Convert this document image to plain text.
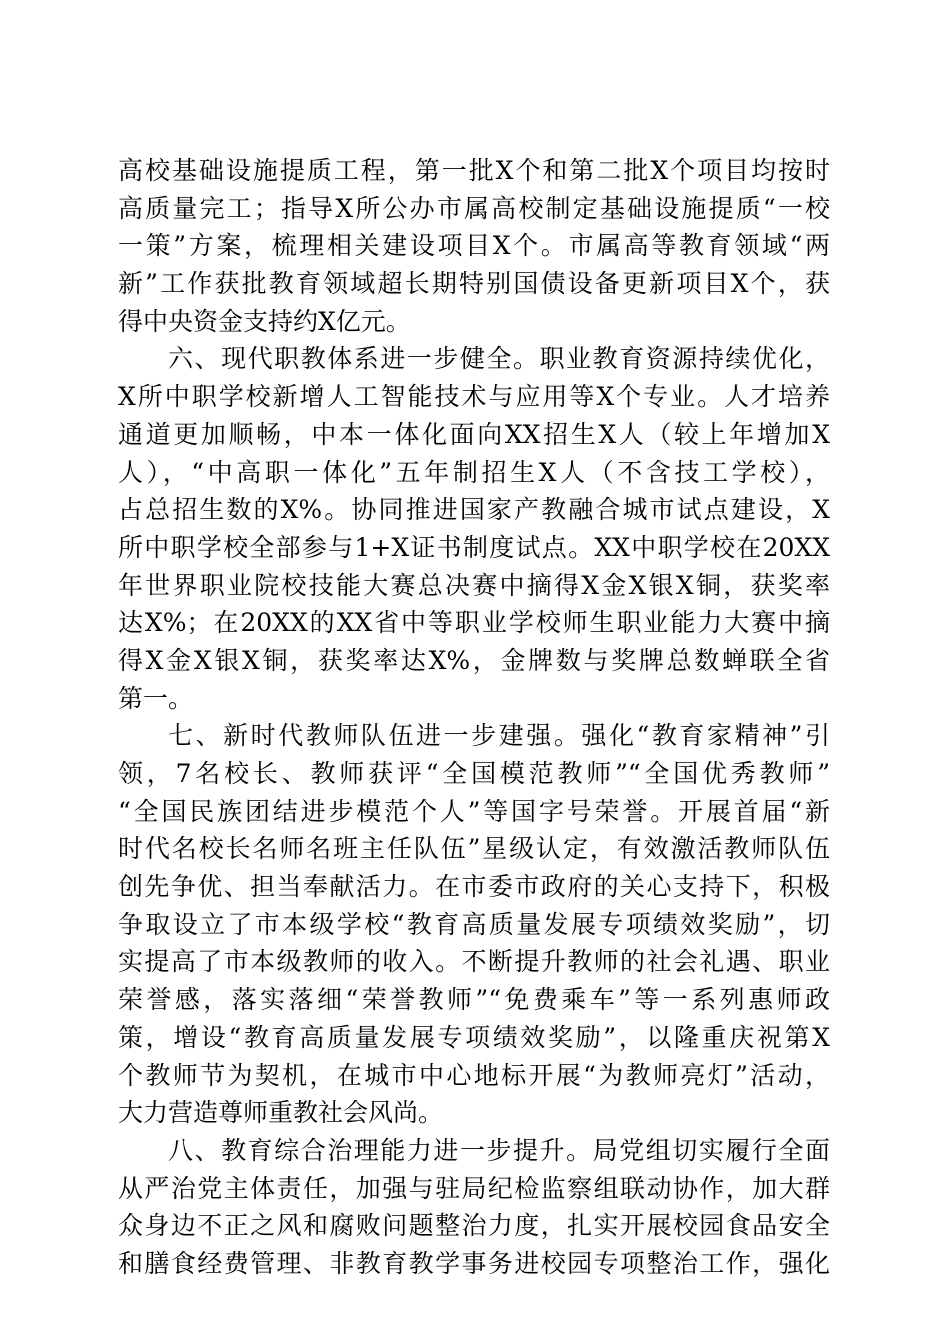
高校基础设施提质工程，第一批X个和第二批X个项目均按时
高质量完工；指导X所公办市属高校制定基础设施提质“一校
一策”方案，梳理相关建设项目X个。市属高等教育领域“两
新”工作获批教育领域超长期特别国债设备更新项目X个，获
得中央资金支持约X亿元。
六、现代职教体系进一步健全。职业教育资源持续优化，
X所中职学校新增人工智能技术与应用等X个专业。人才培养
通道更加顺畅，中本一体化面向XX招生X人（较上年增加X
人），“中高职一体化”五年制招生X人（不含技工学校），
占总招生数的X%。协同推进国家产教融合城市试点建设，X
所中职学校全部参与1+X证书制度试点。XX中职学校在20XX
年世界职业院校技能大赛总决赛中摘得X金X银X铜，获奖率
达X%；在20XX的XX省中等职业学校师生职业能力大赛中摘
得X金X银X铜，获奖率达X%，金牌数与奖牌总数蝉联全省
第一。
七、新时代教师队伍进一步建强。强化“教育家精神”引
领，7名校长、教师获评“全国模范教师”“全国优秀教师”
“全国民族团结进步模范个人”等国字号荣誉。开展首届“新
时代名校长名师名班主任队伍”星级认定，有效激活教师队伍
创先争优、担当奉献活力。在市委市政府的关心支持下，积极
争取设立了市本级学校“教育高质量发展专项绩效奖励”，切
实提高了市本级教师的收入。不断提升教师的社会礼遇、职业
荣誉感，落实落细“荣誉教师”“免费乘车”等一系列惠师政
策，增设“教育高质量发展专项绩效奖励”，以隆重庆祝第X
个教师节为契机，在城市中心地标开展“为教师亮灯”活动，
大力营造尊师重教社会风尚。
八、教育综合治理能力进一步提升。局党组切实履行全面
从严治党主体责任，加强与驻局纪检监察组联动协作，加大群
众身边不正之风和腐败问题整治力度，扎实开展校园食品安全
和膳食经费管理、非教育教学事务进校园专项整治工作，强化
